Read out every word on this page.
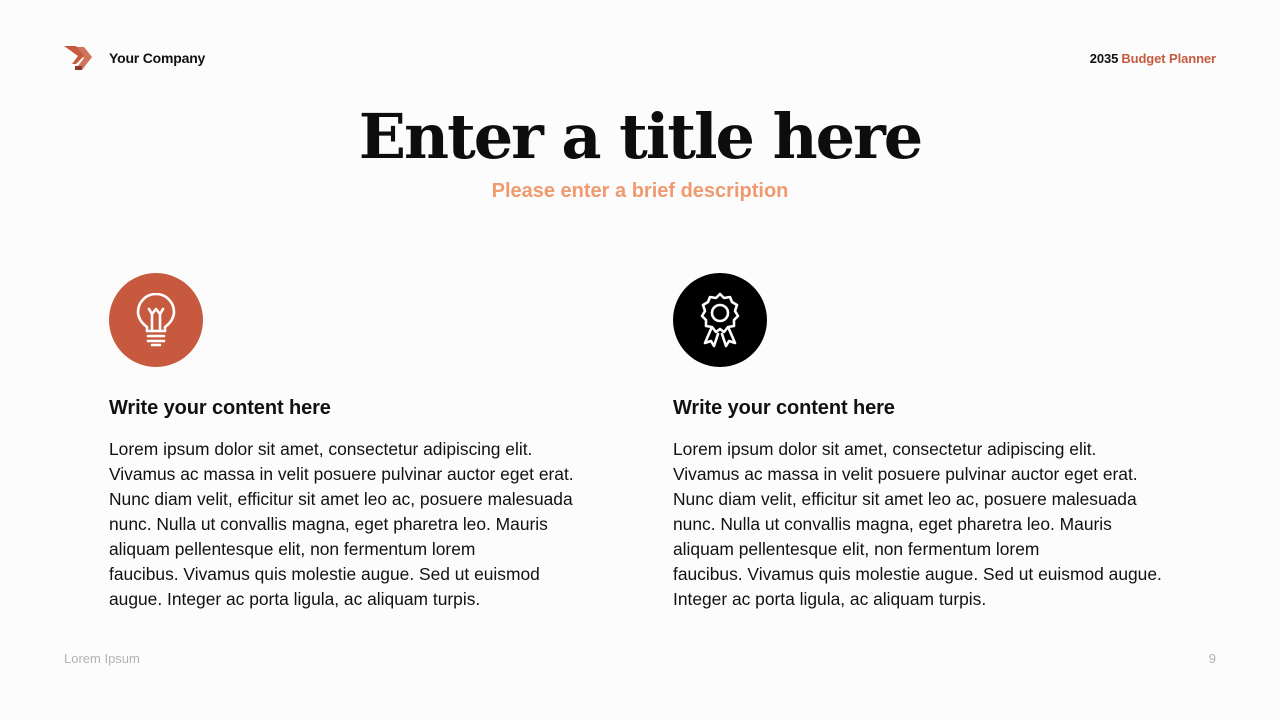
Your Company	2035 Budget Planner
Enter a title here
Please enter a brief description
Write your content here
Lorem ipsum dolor sit amet, consectetur adipiscing elit.
Vivamus ac massa in velit posuere pulvinar auctor eget erat.
Nunc diam velit, efficitur sit amet leo ac, posuere malesuada
nunc. Nulla ut convallis magna, eget pharetra leo. Mauris
aliquam pellentesque elit, non fermentum lorem
faucibus. Vivamus quis molestie augue. Sed ut euismod
augue. Integer ac porta ligula, ac aliquam turpis.
Write your content here
Lorem ipsum dolor sit amet, consectetur adipiscing elit.
Vivamus ac massa in velit posuere pulvinar auctor eget erat.
Nunc diam velit, efficitur sit amet leo ac, posuere malesuada
nunc. Nulla ut convallis magna, eget pharetra leo. Mauris
aliquam pellentesque elit, non fermentum lorem
faucibus. Vivamus quis molestie augue. Sed ut euismod augue.
Integer ac porta ligula, ac aliquam turpis.
Lorem Ipsum	9
